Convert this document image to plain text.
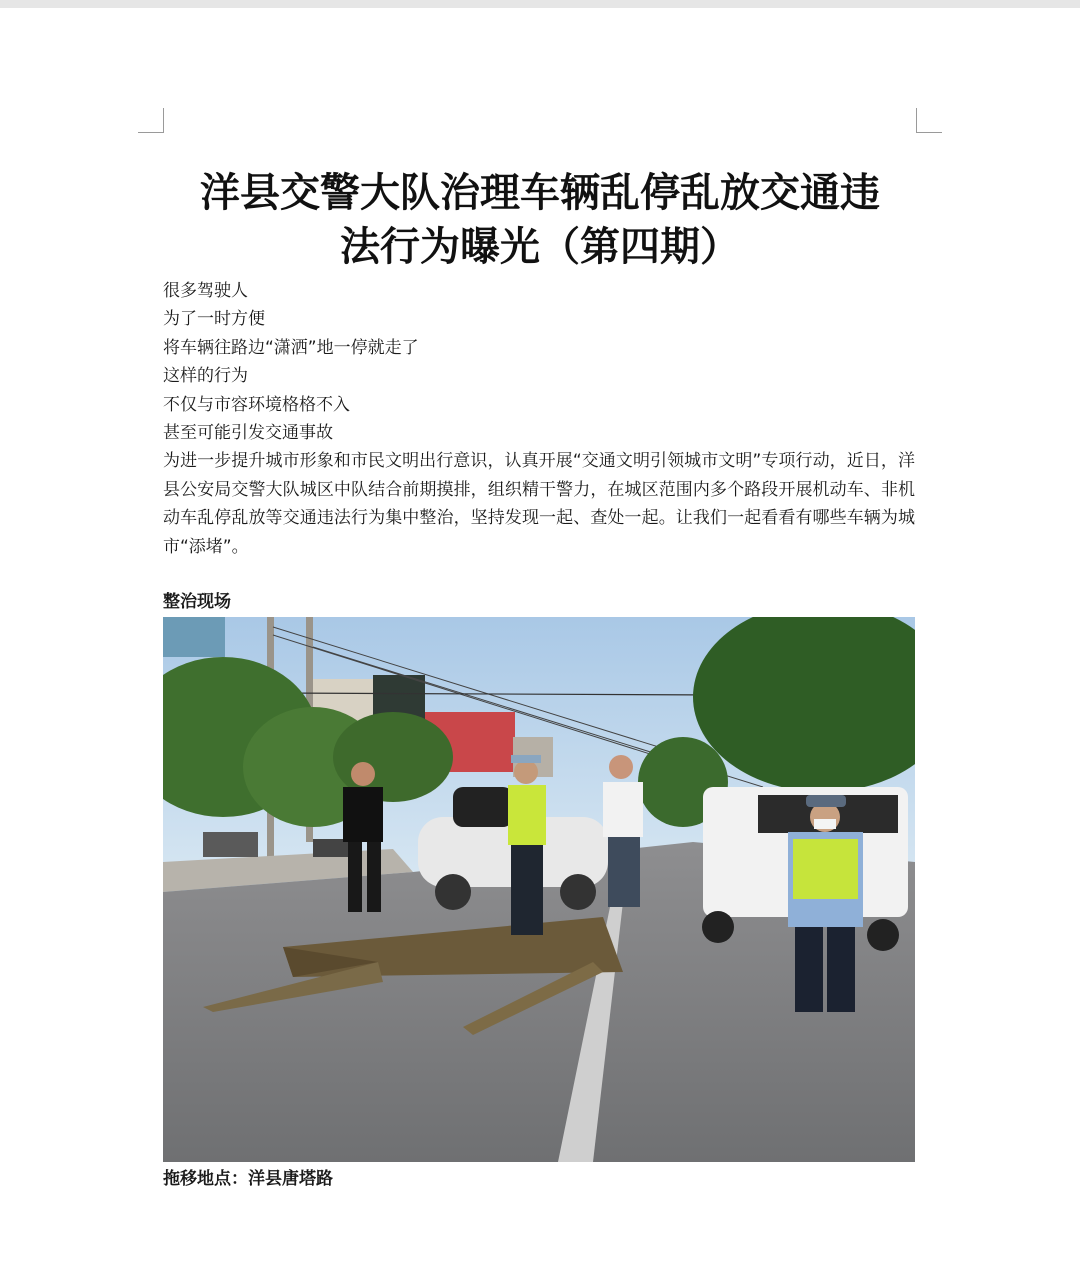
洋县交警大队治理车辆乱停乱放交通违
法行为曝光（第四期）

很多驾驶人

为了一时方便

将车辆往路边“潇洒”地一停就走了

这样的行为

不仅与市容环境格格不入

甚至可能引发交通事故

为进一步提升城市形象和市民文明出行意识，认真开展“交通文明引领城市文明”专项行动，近日，洋县公安局交警大队城区中队结合前期摸排，组织精干警力，在城区范围内多个路段开展机动车、非机动车乱停乱放等交通违法行为集中整治，坚持发现一起、查处一起。让我们一起看看有哪些车辆为城市“添堵”。

整治现场
拖移地点：洋县唐塔路
